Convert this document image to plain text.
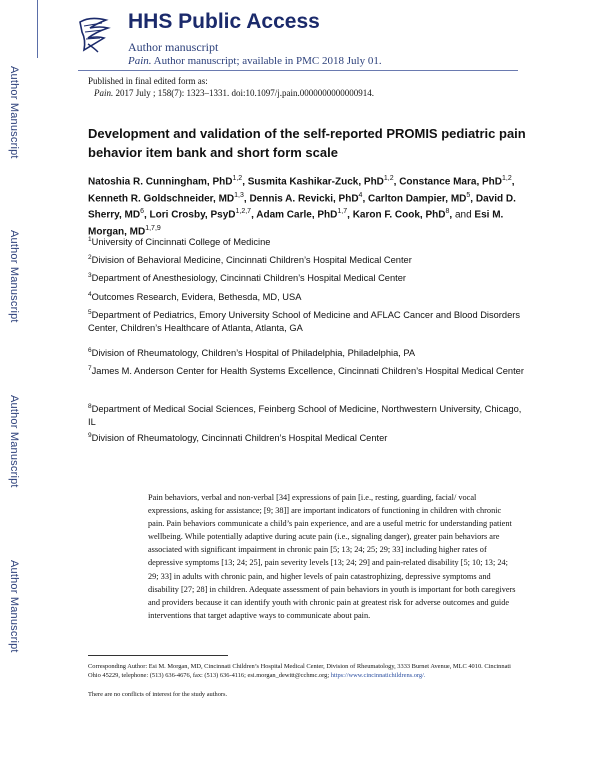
Author Manuscript
Author Manuscript
Author Manuscript
Author Manuscript
HHS Public Access
Author manuscript
Pain. Author manuscript; available in PMC 2018 July 01.
Published in final edited form as:
Pain. 2017 July ; 158(7): 1323–1331. doi:10.1097/j.pain.0000000000000914.
Development and validation of the self-reported PROMIS pediatric pain behavior item bank and short form scale
Natoshia R. Cunningham, PhD$^{1,2}$, Susmita Kashikar-Zuck, PhD$^{1,2}$, Constance Mara, PhD$^{1,2}$, Kenneth R. Goldschneider, MD$^{1,3}$, Dennis A. Revicki, PhD$^4$, Carlton Dampier, $MD^5$, David D. Sherry, $MD^6$, Lori Crosby, PsyD$^{1,2,7}$, Adam Carle, PhD$^{1,7}$, Karon F. Cook, PhD$^8$, and Esi M. Morgan, MD$^{1,7,9}$
$^1$University of Cincinnati College of Medicine
$^2$Division of Behavioral Medicine, Cincinnati Children’s Hospital Medical Center
$^3$Department of Anesthesiology, Cincinnati Children’s Hospital Medical Center
$^4$Outcomes Research, Evidera, Bethesda, MD, USA
$^5$Department of Pediatrics, Emory University School of Medicine and AFLAC Cancer and Blood Disorders Center, Children’s Healthcare of Atlanta, Atlanta, GA
$^6$Division of Rheumatology, Children’s Hospital of Philadelphia, Philadelphia, PA
$^7$James M. Anderson Center for Health Systems Excellence, Cincinnati Children’s Hospital Medical Center
$^8$Department of Medical Social Sciences, Feinberg School of Medicine, Northwestern University, Chicago, IL
$^9$Division of Rheumatology, Cincinnati Children’s Hospital Medical Center
Pain behaviors, verbal and non-verbal [34] expressions of pain [i.e., resting, guarding, facial/ vocal expressions, asking for assistance; [9; 38]] are important indicators of functioning in children with chronic pain. Pain behaviors communicate a child’s pain experience, and are a useful metric for understanding patient wellbeing. While potentially adaptive during acute pain (i.e., signaling danger), greater pain behaviors are associated with significant impairment in chronic pain [5; 13; 24; 25; 29; 33] including higher rates of depressive symptoms [13; 24; 25], pain severity levels [13; 24; 29] and pain-related disability [5; 10; 13; 24; 29; 33] in adults with chronic pain, and higher levels of pain catastrophizing, depressive symptoms and disability [27; 28] in children. Adequate assessment of pain behaviors in youth is important for both caregivers and providers because it can identify youth with chronic pain at greatest risk for adverse outcomes and guide interventions that target adaptive ways to communicate about pain.
Corresponding Author: Esi M. Morgan, MD, Cincinnati Children’s Hospital Medical Center, Division of Rheumatology, 3333 Burnet Avenue, MLC 4010. Cincinnati Ohio 45229, telephone: (513) 636-4676, fax: (513) 636-4116; esi.morgan_dewitt@cchmc.org; https://www.cincinnatichildrens.org/.
There are no conflicts of interest for the study authors.
